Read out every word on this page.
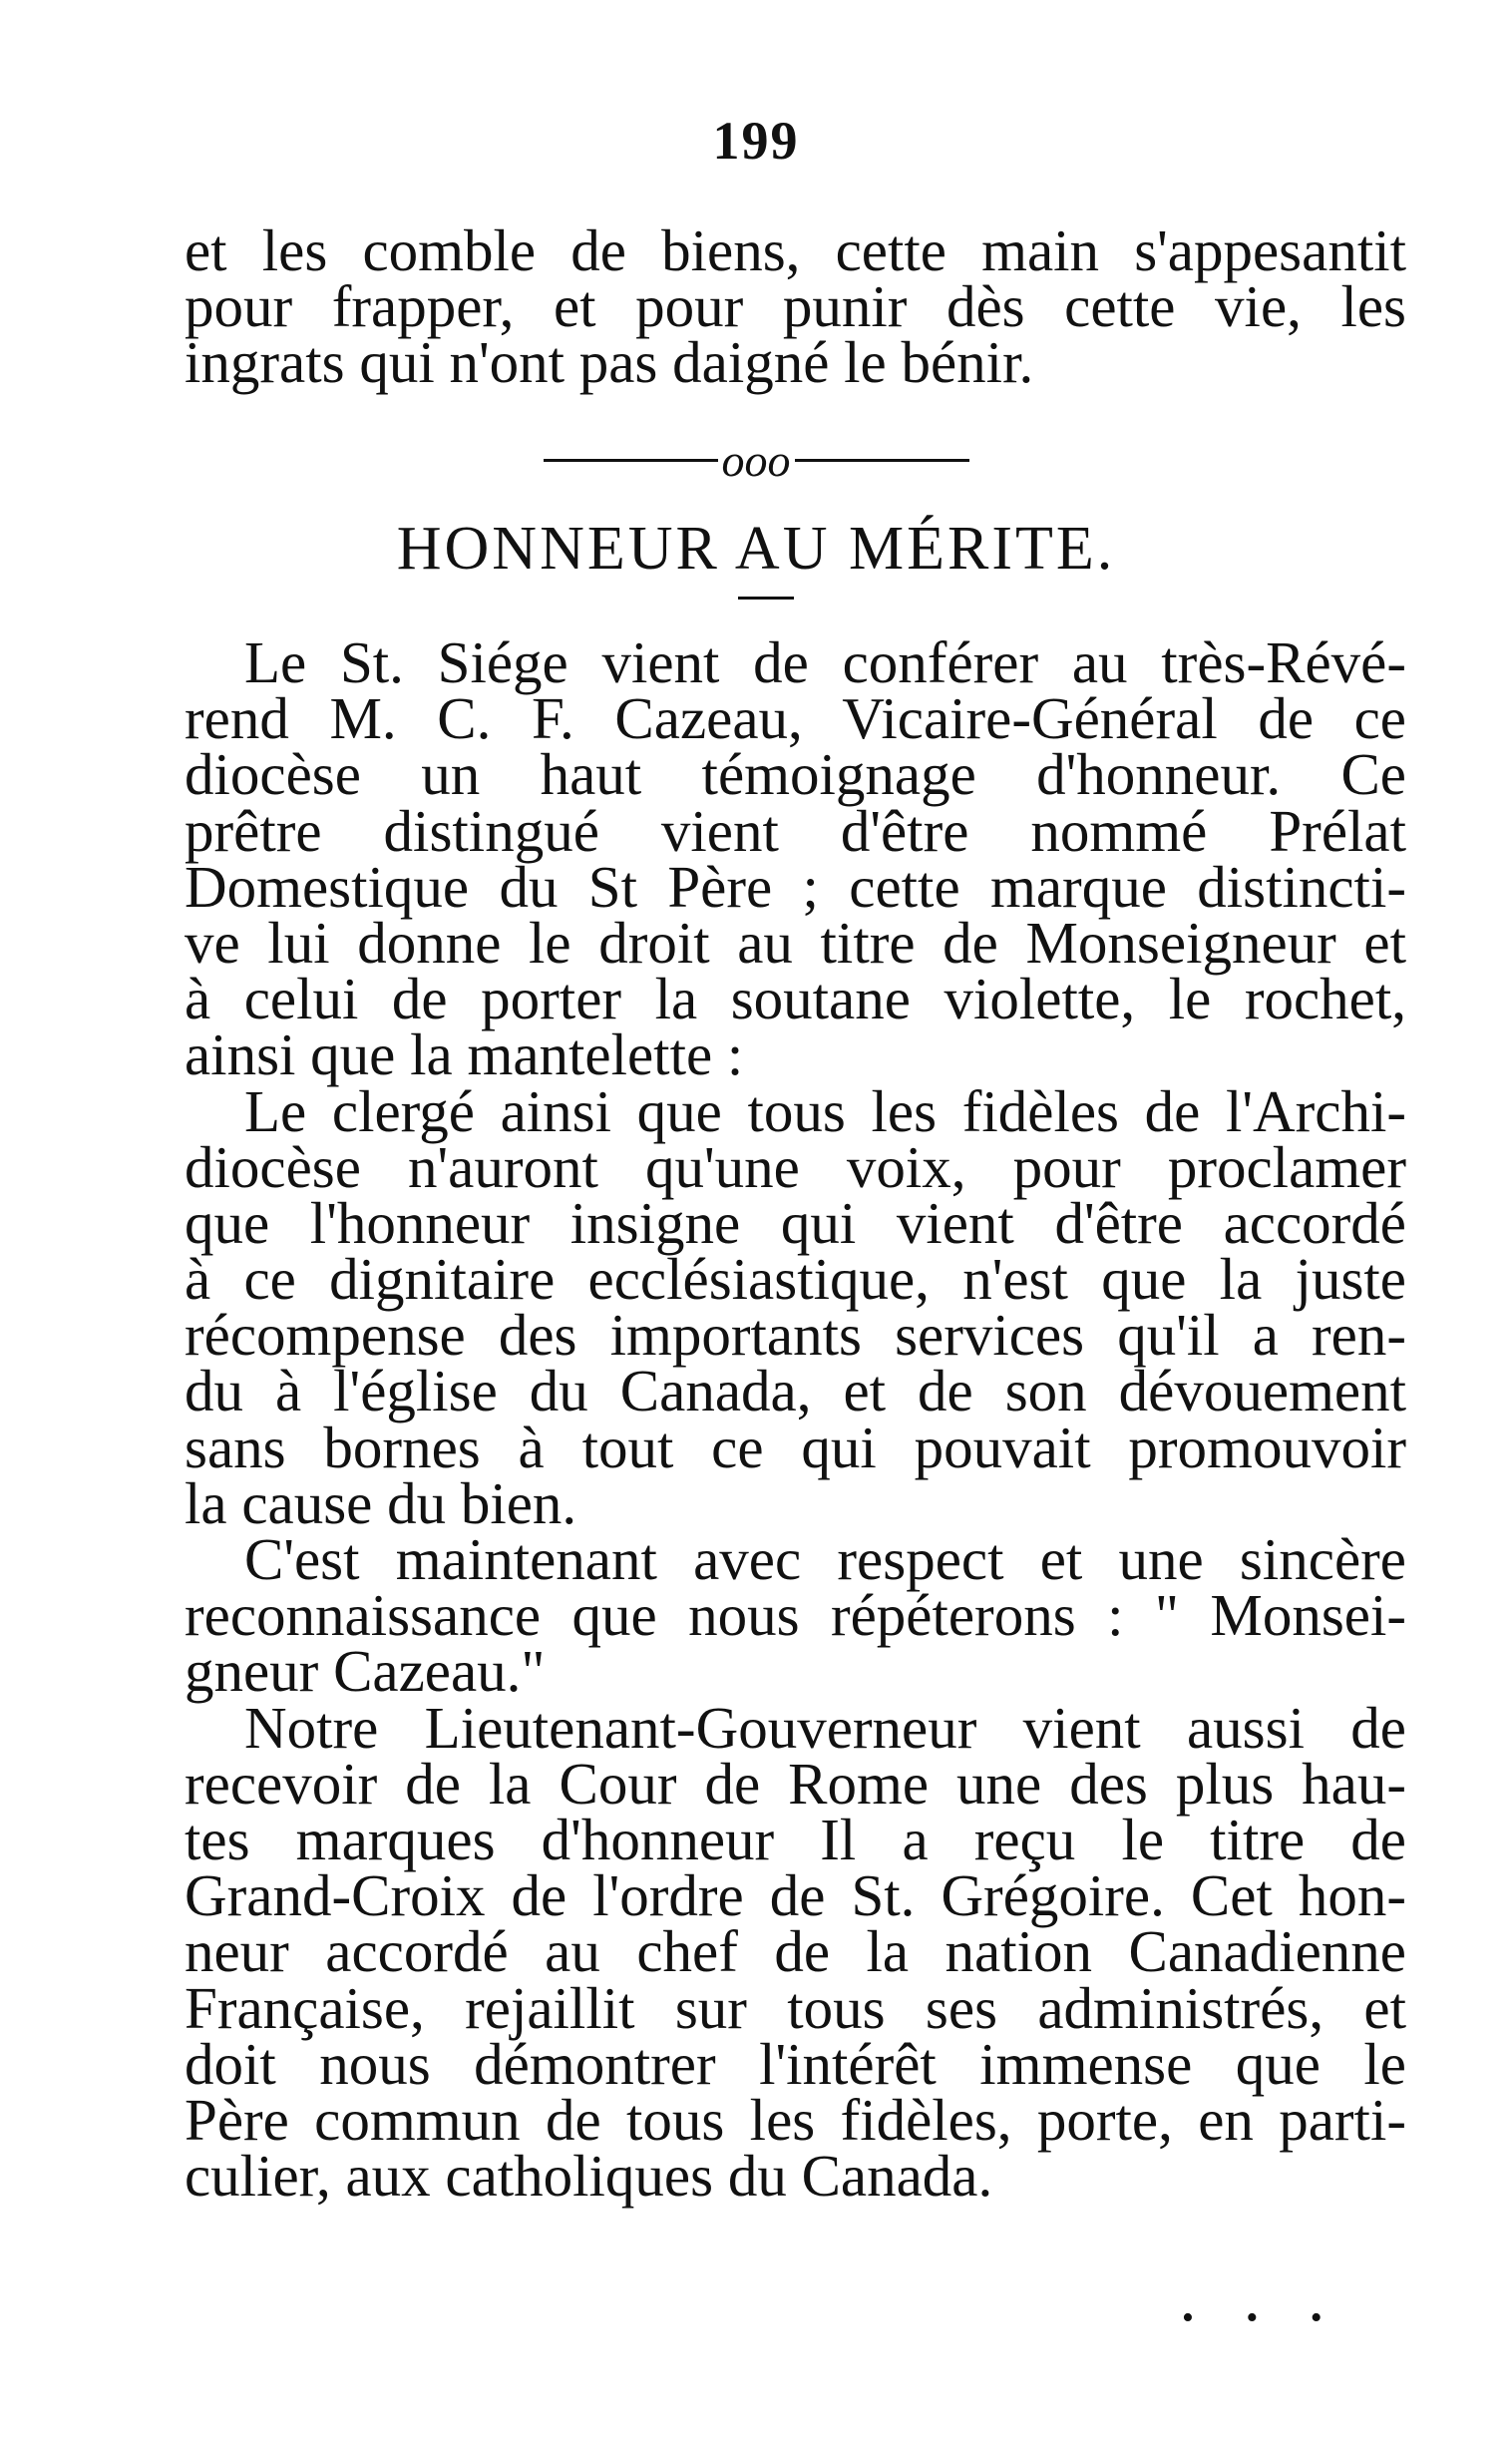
199
et les comble de biens, cette main s'appesantit
pour frapper, et pour punir dès cette vie, les
ingrats qui n'ont pas daigné le bénir.
ooo
HONNEUR AU MÉRITE.
Le St. Siége vient de conférer au très-Révé-
rend M. C. F. Cazeau, Vicaire-Général de ce
diocèse un haut témoignage d'honneur. Ce
prêtre distingué vient d'être nommé Prélat
Domestique du St Père ; cette marque distincti-
ve lui donne le droit au titre de Monseigneur et
à celui de porter la soutane violette, le rochet,
ainsi que la mantelette :
Le clergé ainsi que tous les fidèles de l'Archi-
diocèse n'auront qu'une voix, pour proclamer
que l'honneur insigne qui vient d'être accordé
à ce dignitaire ecclésiastique, n'est que la juste
récompense des importants services qu'il a ren-
du à l'église du Canada, et de son dévouement
sans bornes à tout ce qui pouvait promouvoir
la cause du bien.
C'est maintenant avec respect et une sincère
reconnaissance que nous répéterons : " Monsei-
gneur Cazeau."
Notre Lieutenant-Gouverneur vient aussi de
recevoir de la Cour de Rome une des plus hau-
tes marques d'honneur Il a reçu le titre de
Grand-Croix de l'ordre de St. Grégoire. Cet hon-
neur accordé au chef de la nation Canadienne
Française, rejaillit sur tous ses administrés, et
doit nous démontrer l'intérêt immense que le
Père commun de tous les fidèles, porte, en parti-
culier, aux catholiques du Canada.
• • •
